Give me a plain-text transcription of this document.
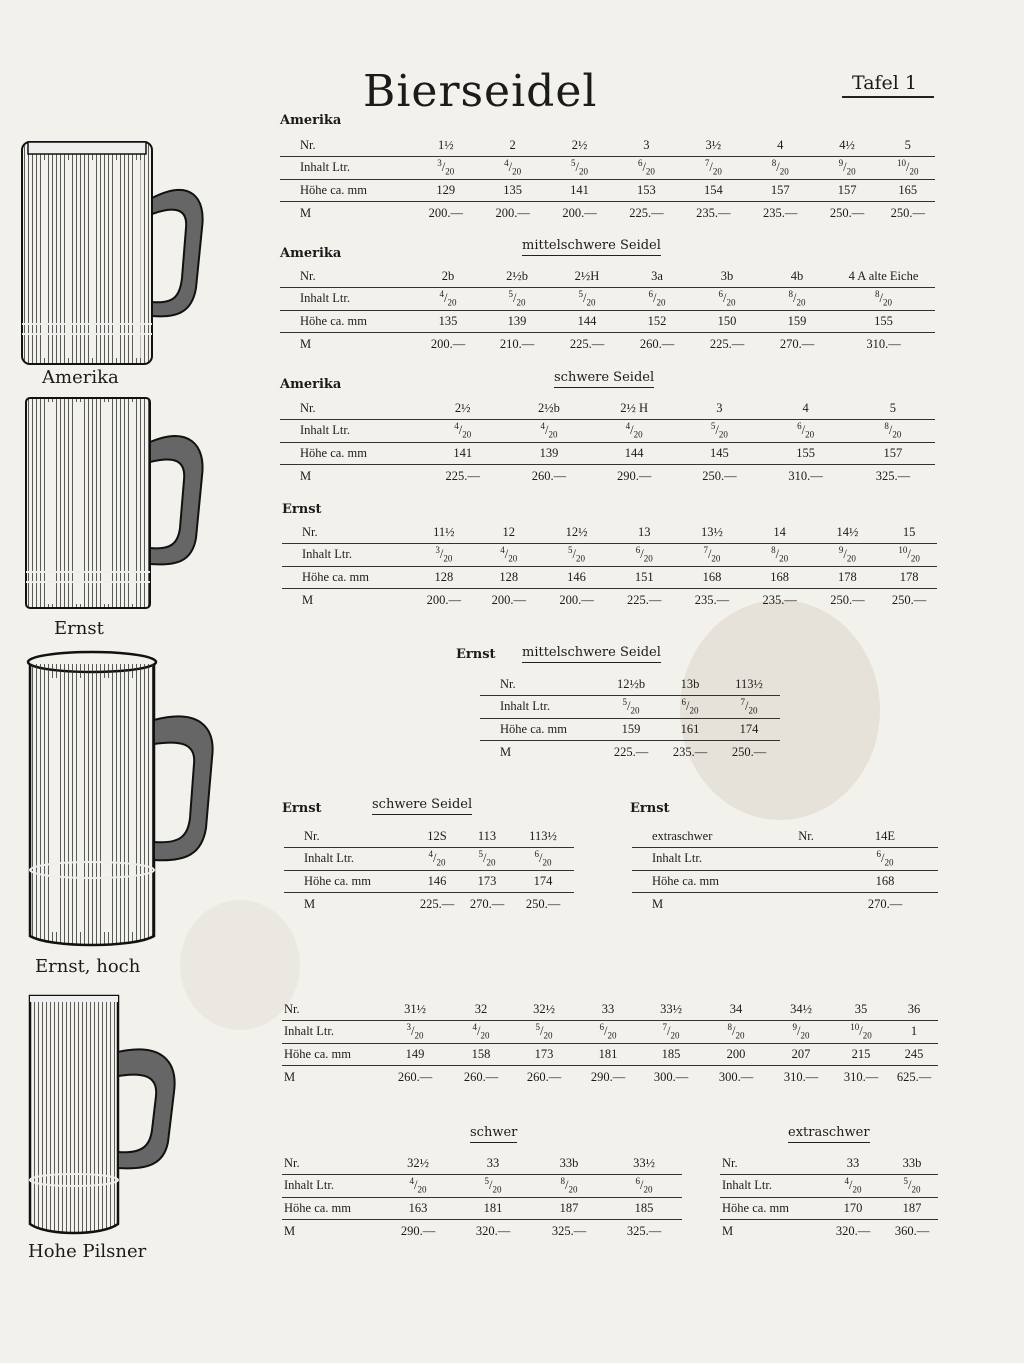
Bierseidel	Tafel 1
Amerika
Ernst
Ernst, hoch
Hohe Pilsner
Amerika
Nr.	1½	2	2½	3	3½	4	4½	5
Inhalt Ltr.	$^3/_{20}$	$^4/_{20}$	$^5/_{20}$	$^6/_{20}$	$^7/_{20}$	$^8/_{20}$	$^9/_{20}$	$^{10}/_{20}$
Höhe ca. mm	129	135	141	153	154	157	157	165
M	200.—	200.—	200.—	225.—	235.—	235.—	250.—	250.—
Amerika
mittelschwere Seidel
Nr.	2b	2½b	2½H	3a	3b	4b	4 A alte Eiche
Inhalt Ltr.	$^4/_{20}$	$^5/_{20}$	$^5/_{20}$	$^6/_{20}$	$^6/_{20}$	$^8/_{20}$	$^8/_{20}$
Höhe ca. mm	135	139	144	152	150	159	155
M	200.—	210.—	225.—	260.—	225.—	270.—	310.—
Amerika	schwere Seidel
Nr.	2½	2½b	2½ H	3	4	5
Inhalt Ltr.	$^4/_{20}$	$^4/_{20}$	$^4/_{20}$	$^5/_{20}$	$^6/_{20}$	$^8/_{20}$
Höhe ca. mm	141	139	144	145	155	157
M	225.—	260.—	290.—	250.—	310.—	325.—
Ernst
Nr.	11½	12	12½	13	13½	14	14½	15
Inhalt Ltr.	$^3/_{20}$	$^4/_{20}$	$^5/_{20}$	$^6/_{20}$	$^7/_{20}$	$^8/_{20}$	$^9/_{20}$	$^{10}/_{20}$
Höhe ca. mm	128	128	146	151	168	168	178	178
M	200.—	200.—	200.—	225.—	235.—	235.—	250.—	250.—
Ernst mittelschwere Seidel
Nr.	12½b	13b	113½
Inhalt Ltr.	$^5/_{20}$	$^6/_{20}$	$^7/_{20}$
Höhe ca. mm	159	161	174
M	225.—	235.—	250.—
Ernst	schwere Seidel
Nr.	12S	113	113½
Inhalt Ltr.	$^4/_{20}$	$^5/_{20}$	$^6/_{20}$
Höhe ca. mm	146	173	174
M	225.—	270.—	250.—
Ernst
extraschwer	Nr.	14E
Inhalt Ltr.		$^6/_{20}$
Höhe ca. mm		168
M		270.—
Nr.	31½	32	32½	33	33½	34	34½	35	36
Inhalt Ltr.	$^3/_{20}$	$^4/_{20}$	$^5/_{20}$	$^6/_{20}$	$^7/_{20}$	$^8/_{20}$	$^9/_{20}$	$^{10}/_{20}$	1
Höhe ca. mm	149	158	173	181	185	200	207	215	245
M	260.—	260.—	260.—	290.—	300.—	300.—	310.—	310.—	625.—
schwer
Nr.	32½	33	33b	33½
Inhalt Ltr.	$^4/_{20}$	$^5/_{20}$	$^8/_{20}$	$^6/_{20}$
Höhe ca. mm	163	181	187	185
M	290.—	320.—	325.—	325.—
extraschwer
Nr.	33	33b
Inhalt Ltr.	$^4/_{20}$	$^5/_{20}$
Höhe ca. mm	170	187
M	320.—	360.—
